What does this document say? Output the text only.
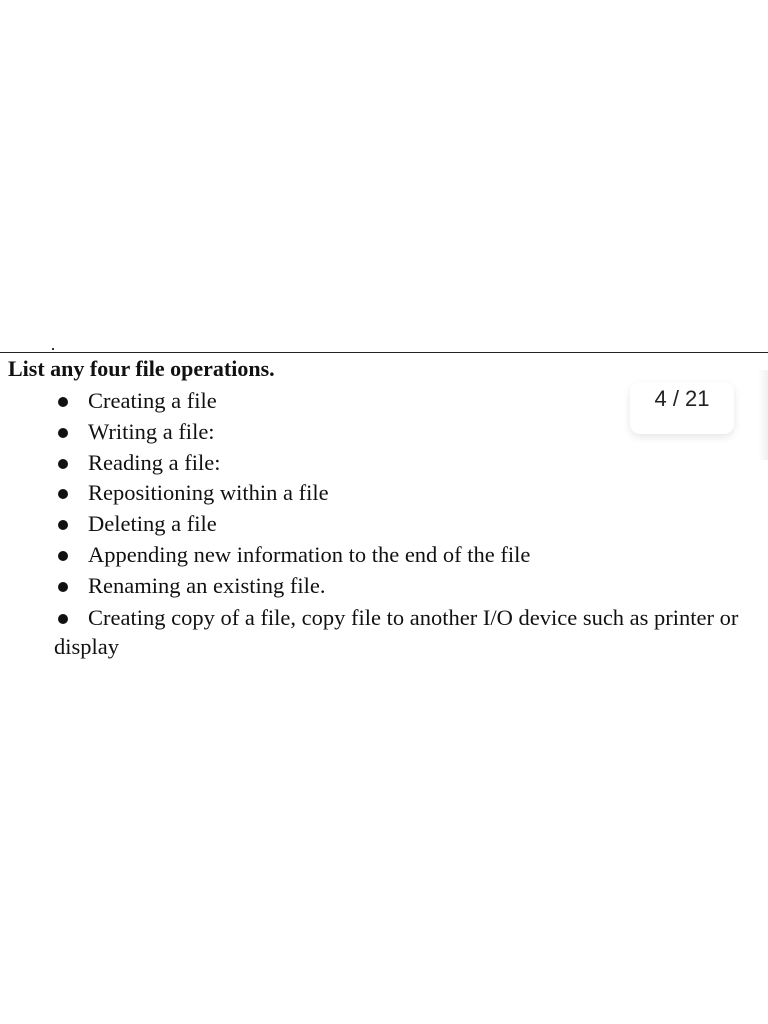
List any four file operations.
Creating a file
Writing a file:
Reading a file:
Repositioning within a file
Deleting a file
Appending new information to the end of the file
Renaming an existing file.
Creating copy of a file, copy file to another I/O device such as printer or display
4 / 21
